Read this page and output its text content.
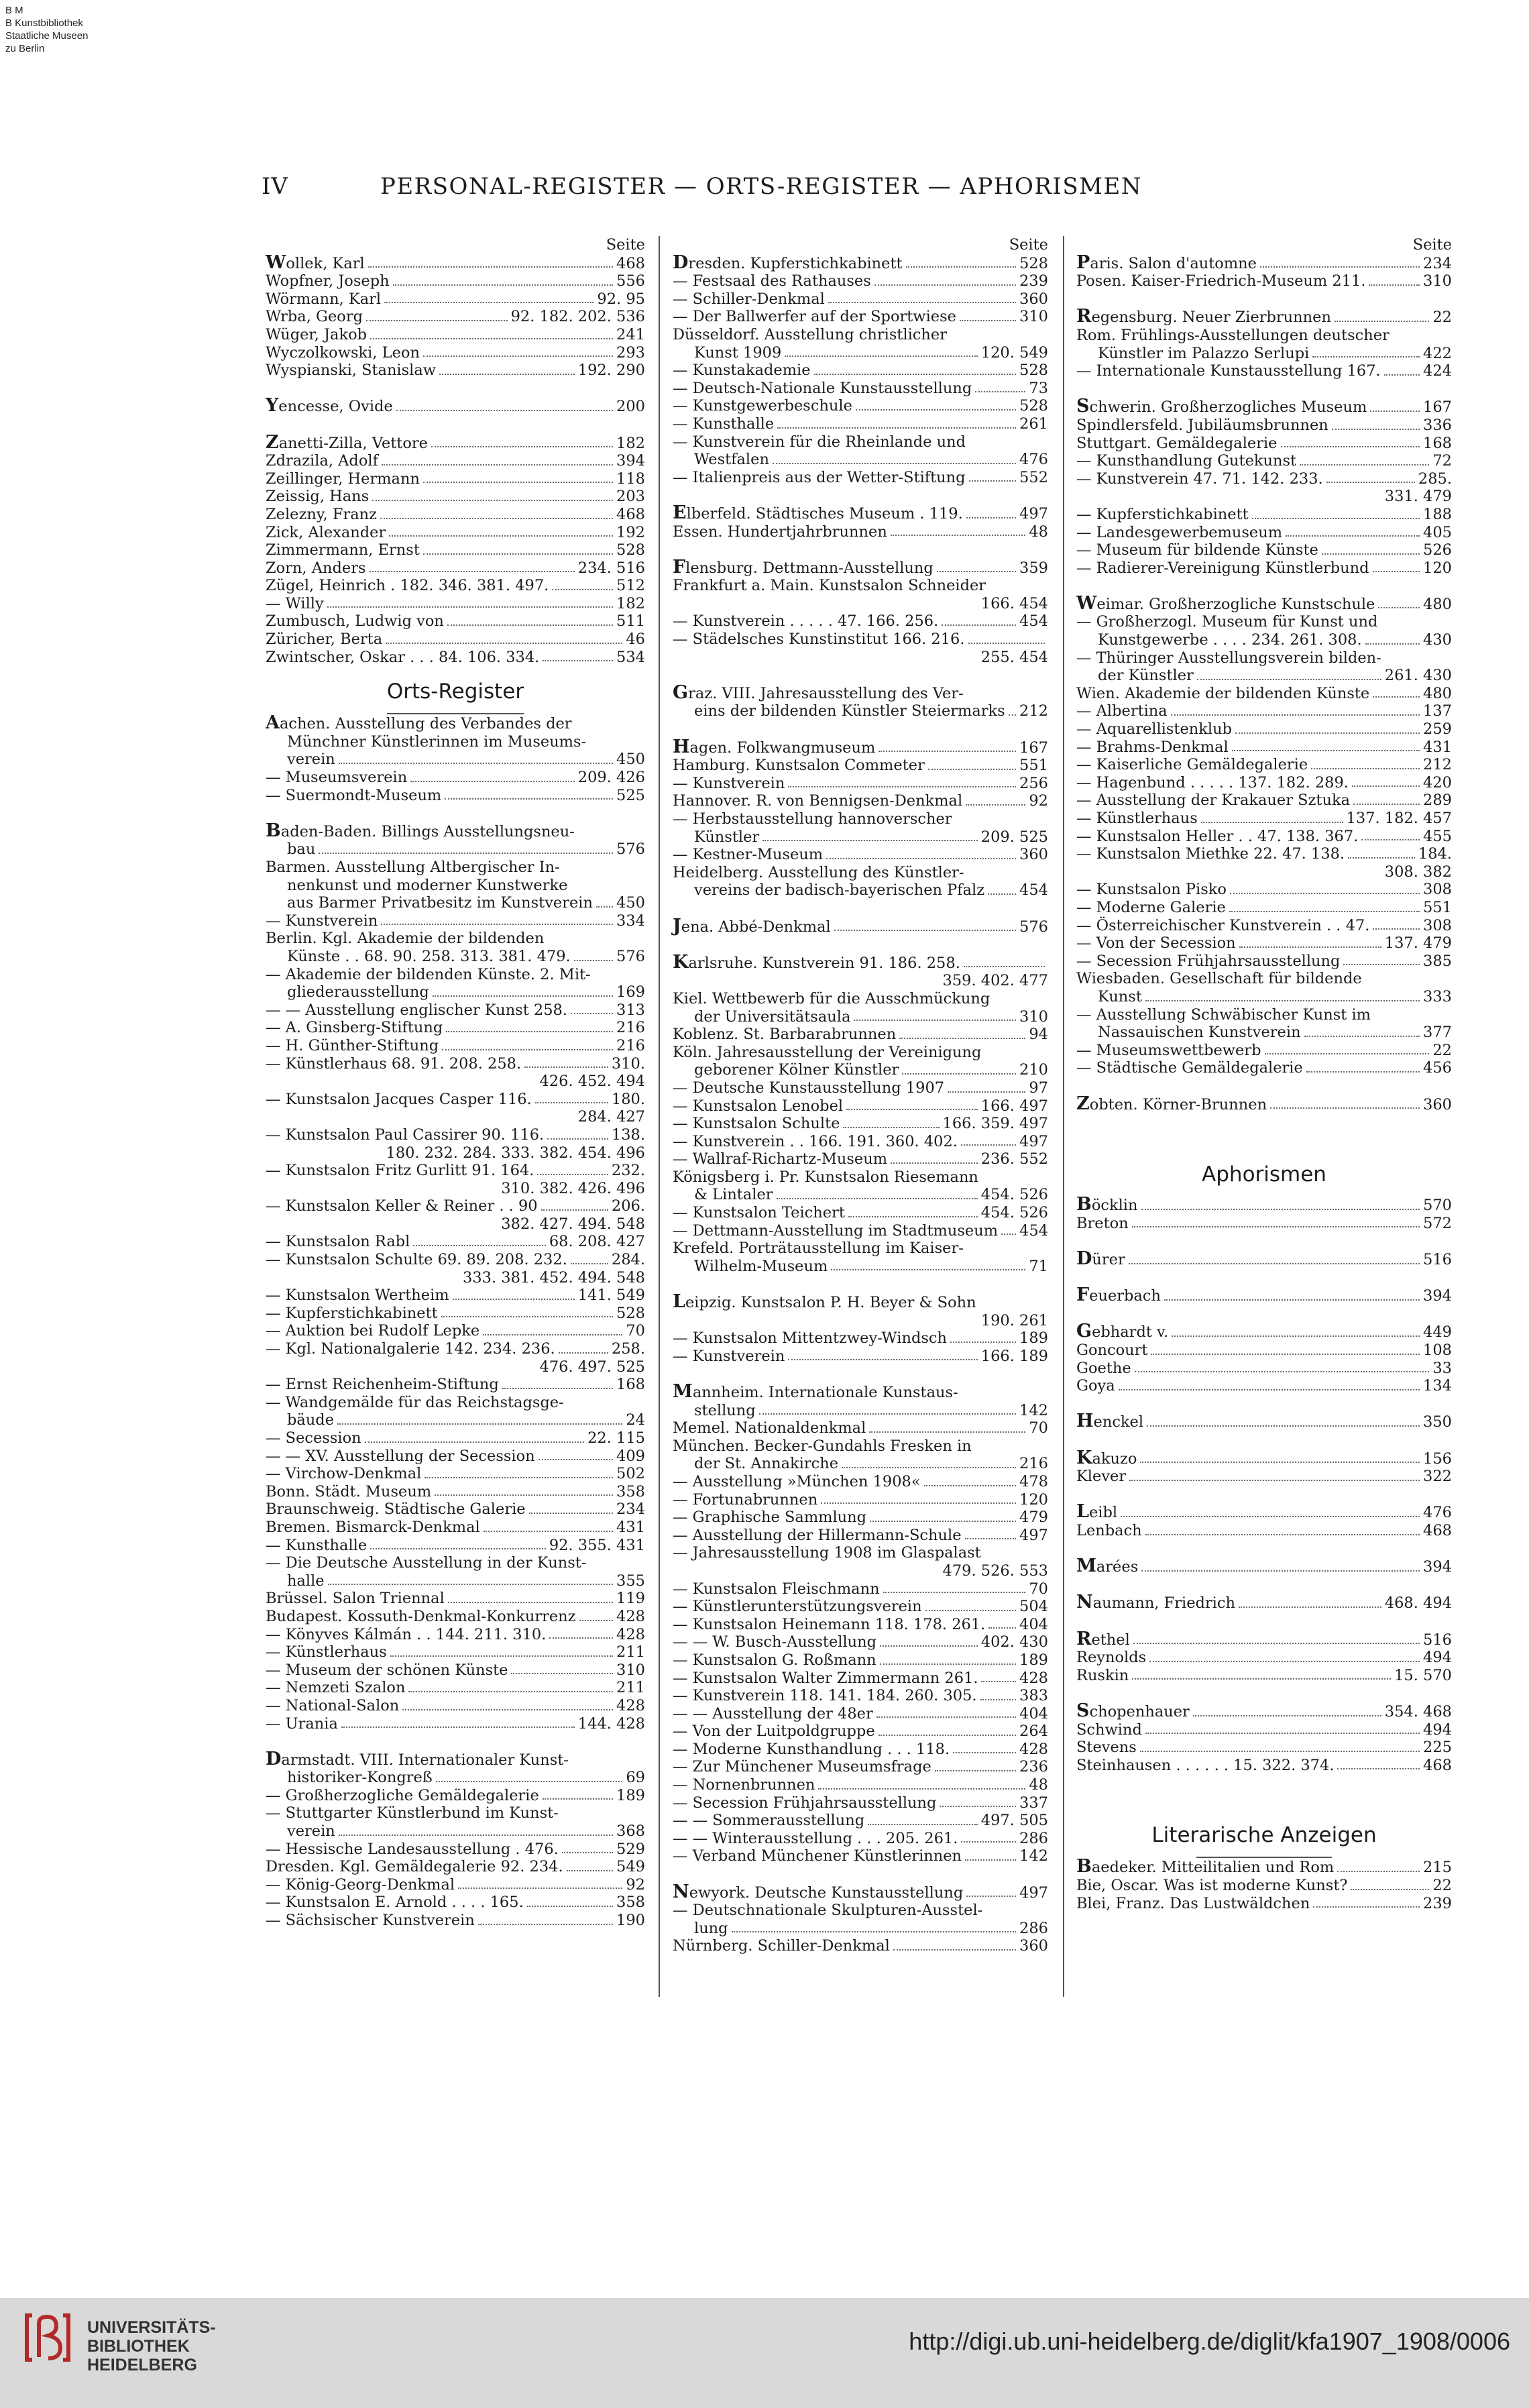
B M
B Kunstbibliothek
Staatliche Museen
zu Berlin
PERSONAL-REGISTER — ORTS-REGISTER — APHORISMEN
IV
Seite
Wollek, Karl	468
Wopfner, Joseph	556
Wörmann, Karl	92. 95
Wrba, Georg	92. 182. 202. 536
Wüger, Jakob	241
Wyczolkowski, Leon	293
Wyspianski, Stanislaw	192. 290
Yencesse, Ovide	200
Zanetti-Zilla, Vettore	182
Zdrazila, Adolf	394
Zeillinger, Hermann	118
Zeissig, Hans	203
Zelezny, Franz	468
Zick, Alexander	192
Zimmermann, Ernst	528
Zorn, Anders	234. 516
Zügel, Heinrich . 182. 346. 381. 497.	512
— Willy	182
Zumbusch, Ludwig von	511
Züricher, Berta	46
Zwintscher, Oskar . . . 84. 106. 334.	534
Orts-Register
Aachen. Ausstellung des Verbandes der
Münchner Künstlerinnen im Museums-
verein	450
— Museumsverein	209. 426
— Suermondt-Museum	525
Baden-Baden. Billings Ausstellungsneu-
bau	576
Barmen. Ausstellung Altbergischer In-
nenkunst und moderner Kunstwerke
aus Barmer Privatbesitz im Kunstverein 450
— Kunstverein	334
Berlin. Kgl. Akademie der bildenden
Künste . . 68. 90. 258. 313. 381. 479.	576
— Akademie der bildenden Künste. 2. Mit-
gliederausstellung	169
— — Ausstellung englischer Kunst 258.	313
— A. Ginsberg-Stiftung	216
— H. Günther-Stiftung	216
— Künstlerhaus 68. 91. 208. 258.	310.
426. 452. 494
— Kunstsalon Jacques Casper 116.	180.
284. 427
— Kunstsalon Paul Cassirer 90. 116.	138.
180. 232. 284. 333. 382. 454. 496
— Kunstsalon Fritz Gurlitt 91. 164.	232.
310. 382. 426. 496
— Kunstsalon Keller & Reiner . . 90	206.
382. 427. 494. 548
— Kunstsalon Rabl	68. 208. 427
— Kunstsalon Schulte 69. 89. 208. 232.	284.
333. 381. 452. 494. 548
— Kunstsalon Wertheim	141. 549
— Kupferstichkabinett	528
— Auktion bei Rudolf Lepke	70
— Kgl. Nationalgalerie 142. 234. 236.	258.
476. 497. 525
— Ernst Reichenheim-Stiftung	168
— Wandgemälde für das Reichstagsge-
bäude	24
— Secession	22. 115
— — XV. Ausstellung der Secession	409
— Virchow-Denkmal	502
Bonn. Städt. Museum	358
Braunschweig. Städtische Galerie	234
Bremen. Bismarck-Denkmal	431
— Kunsthalle	92. 355. 431
— Die Deutsche Ausstellung in der Kunst-
halle	355
Brüssel. Salon Triennal	119
Budapest. Kossuth-Denkmal-Konkurrenz	428
— Könyves Kálmán . . 144. 211. 310.	428
— Künstlerhaus	211
— Museum der schönen Künste	310
— Nemzeti Szalon	211
— National-Salon	428
— Urania	144. 428
Darmstadt. VIII. Internationaler Kunst-
historiker-Kongreß	69
— Großherzogliche Gemäldegalerie	189
— Stuttgarter Künstlerbund im Kunst-
verein	368
— Hessische Landesausstellung . 476.	529
Dresden. Kgl. Gemäldegalerie 92. 234.	549
— König-Georg-Denkmal	92
— Kunstsalon E. Arnold . . . . 165.	358
— Sächsischer Kunstverein	190
Seite
Dresden. Kupferstichkabinett	528
— Festsaal des Rathauses	239
— Schiller-Denkmal	360
— Der Ballwerfer auf der Sportwiese	310
Düsseldorf. Ausstellung christlicher
Kunst 1909	120. 549
— Kunstakademie	528
— Deutsch-Nationale Kunstausstellung	73
— Kunstgewerbeschule	528
— Kunsthalle	261
— Kunstverein für die Rheinlande und
Westfalen	476
— Italienpreis aus der Wetter-Stiftung	552
Elberfeld. Städtisches Museum . 119.	497
Essen. Hundertjahrbrunnen	48
Flensburg. Dettmann-Ausstellung	359
Frankfurt a. Main. Kunstsalon Schneider
166. 454
— Kunstverein . . . . . 47. 166. 256.	454
— Städelsches Kunstinstitut 166. 216.
255. 454
Graz. VIII. Jahresausstellung des Ver-
eins der bildenden Künstler Steiermarks 212
Hagen. Folkwangmuseum	167
Hamburg. Kunstsalon Commeter	551
— Kunstverein	256
Hannover. R. von Bennigsen-Denkmal	92
— Herbstausstellung hannoverscher
Künstler	209. 525
— Kestner-Museum	360
Heidelberg. Ausstellung des Künstler-
vereins der badisch-bayerischen Pfalz 454
Jena. Abbé-Denkmal	576
Karlsruhe. Kunstverein 91. 186. 258.
359. 402. 477
Kiel. Wettbewerb für die Ausschmückung
der Universitätsaula	310
Koblenz. St. Barbarabrunnen	94
Köln. Jahresausstellung der Vereinigung
geborener Kölner Künstler	210
— Deutsche Kunstausstellung 1907	97
— Kunstsalon Lenobel	166. 497
— Kunstsalon Schulte	166. 359. 497
— Kunstverein . . 166. 191. 360. 402.	497
— Wallraf-Richartz-Museum	236. 552
Königsberg i. Pr. Kunstsalon Riesemann
& Lintaler	454. 526
— Kunstsalon Teichert	454. 526
— Dettmann-Ausstellung im Stadtmuseum 454
Krefeld. Porträtausstellung im Kaiser-
Wilhelm-Museum	71
Leipzig. Kunstsalon P. H. Beyer & Sohn
190. 261
— Kunstsalon Mittentzwey-Windsch	189
— Kunstverein	166. 189
Mannheim. Internationale Kunstaus-
stellung	142
Memel. Nationaldenkmal	70
München. Becker-Gundahls Fresken in
der St. Annakirche	216
— Ausstellung »München 1908«	478
— Fortunabrunnen	120
— Graphische Sammlung	479
— Ausstellung der Hillermann-Schule	497
— Jahresausstellung 1908 im Glaspalast
479. 526. 553
— Kunstsalon Fleischmann	70
— Künstlerunterstützungsverein	504
— Kunstsalon Heinemann 118. 178. 261. 404
— — W. Busch-Ausstellung	402. 430
— Kunstsalon G. Roßmann	189
— Kunstsalon Walter Zimmermann 261.	428
— Kunstverein 118. 141. 184. 260. 305.	383
— — Ausstellung der 48er	404
— Von der Luitpoldgruppe	264
— Moderne Kunsthandlung . . . 118.	428
— Zur Münchener Museumsfrage	236
— Nornenbrunnen	48
— Secession Frühjahrsausstellung	337
— — Sommerausstellung	497. 505
— — Winterausstellung . . . 205. 261.	286
— Verband Münchener Künstlerinnen	142
Newyork. Deutsche Kunstausstellung	497
— Deutschnationale Skulpturen-Ausstel-
lung	286
Nürnberg. Schiller-Denkmal	360
Seite
Paris. Salon d'automne	234
Posen. Kaiser-Friedrich-Museum 211.	310
Regensburg. Neuer Zierbrunnen	22
Rom. Frühlings-Ausstellungen deutscher
Künstler im Palazzo Serlupi	422
— Internationale Kunstausstellung 167.	424
Schwerin. Großherzogliches Museum	167
Spindlersfeld. Jubiläumsbrunnen	336
Stuttgart. Gemäldegalerie	168
— Kunsthandlung Gutekunst	72
— Kunstverein 47. 71. 142. 233.	285.
331. 479
— Kupferstichkabinett	188
— Landesgewerbemuseum	405
— Museum für bildende Künste	526
— Radierer-Vereinigung Künstlerbund	120
Weimar. Großherzogliche Kunstschule	480
— Großherzogl. Museum für Kunst und
Kunstgewerbe . . . . 234. 261. 308.	430
— Thüringer Ausstellungsverein bilden-
der Künstler	261. 430
Wien. Akademie der bildenden Künste	480
— Albertina	137
— Aquarellistenklub	259
— Brahms-Denkmal	431
— Kaiserliche Gemäldegalerie	212
— Hagenbund . . . . . 137. 182. 289.	420
— Ausstellung der Krakauer Sztuka	289
— Künstlerhaus	137. 182. 457
— Kunstsalon Heller . . 47. 138. 367.	455
— Kunstsalon Miethke 22. 47. 138.	184.
308. 382
— Kunstsalon Pisko	308
— Moderne Galerie	551
— Österreichischer Kunstverein . . 47.	308
— Von der Secession	137. 479
— Secession Frühjahrsausstellung	385
Wiesbaden. Gesellschaft für bildende
Kunst	333
— Ausstellung Schwäbischer Kunst im
Nassauischen Kunstverein	377
— Museumswettbewerb	22
— Städtische Gemäldegalerie	456
Zobten. Körner-Brunnen	360
Aphorismen
Böcklin	570
Breton	572
Dürer	516
Feuerbach	394
Gebhardt v.	449
Goncourt	108
Goethe	33
Goya	134
Henckel	350
Kakuzo	156
Klever	322
Leibl	476
Lenbach	468
Marées	394
Naumann, Friedrich	468. 494
Rethel	516
Reynolds	494
Ruskin	15. 570
Schopenhauer	354. 468
Schwind	494
Stevens	225
Steinhausen . . . . . . 15. 322. 374.	468
Literarische Anzeigen
Baedeker. Mitteilitalien und Rom	215
Bie, Oscar. Was ist moderne Kunst?	22
Blei, Franz. Das Lustwäldchen	239
UNIVERSITÄTS-
BIBLIOTHEK
HEIDELBERG
http://digi.ub.uni-heidelberg.de/diglit/kfa1907_1908/0006
